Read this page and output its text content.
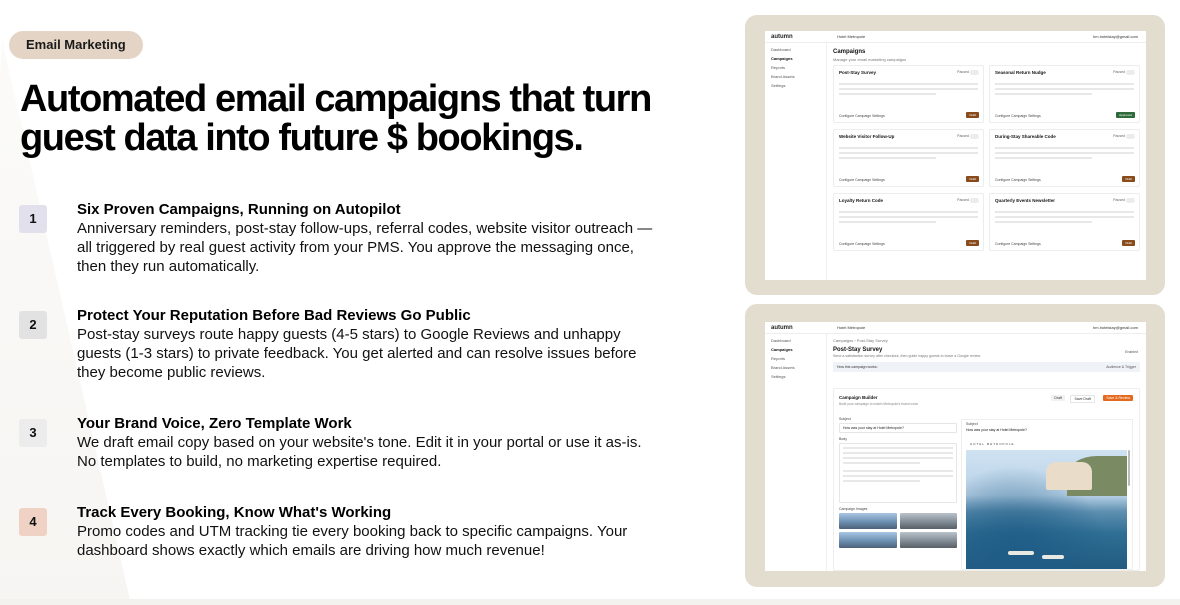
Email Marketing
Automated email campaigns that turn guest data into future $ bookings.
1
Six Proven Campaigns, Running on Autopilot
Anniversary reminders, post-stay follow-ups, referral codes, website visitor outreach — all triggered by real guest activity from your PMS. You approve the messaging once, then they run automatically.
2
Protect Your Reputation Before Bad Reviews Go Public
Post-stay surveys route happy guests (4-5 stars) to Google Reviews and unhappy guests (1-3 stars) to private feedback. You get alerted and can resolve issues before they become public reviews.
3
Your Brand Voice, Zero Template Work
We draft email copy based on your website's tone. Edit it in your portal or use it as-is. No templates to build, no marketing expertise required.
4
Track Every Booking, Know What's Working
Promo codes and UTM tracking tie every booking back to specific campaigns. Your dashboard shows exactly which emails are driving how much revenue!
autumn	Hotel Metropole	hm.hotelstay@gmail.com
Dashboard
Campaigns
Reports
Brand Assets
Settings
Campaigns
Manage your email marketing campaigns
Post-Stay Survey	Paused
Configure Campaign Settings	Draft
Seasonal Return Nudge	Paused
Configure Campaign Settings	Approved
Website Visitor Follow-Up	Paused
Configure Campaign Settings	Draft
During-Stay Shareable Code	Paused
Configure Campaign Settings	Draft
Loyalty Return Code	Paused
Configure Campaign Settings	Draft
Quarterly Events Newsletter	Paused
Configure Campaign Settings	Draft
autumn	Hotel Metropole	hm.hotelstay@gmail.com
Dashboard
Campaigns
Reports
Brand Assets
Settings
Campaigns › Post-Stay Survey
Post-Stay Survey
Send a satisfaction survey after checkout, then guide happy guests to leave a Google review
Enabled
How this campaign works:	Audience & Trigger
Campaign Builder
Build your campaign to match Metropole's brand voice
Draft	Save Draft	Save & Review
Subject
How was your stay at Hotel Metropole?
Body
Campaign Images
Subject
How was your stay at Hotel Metropole?
HOTEL METROPOLE
